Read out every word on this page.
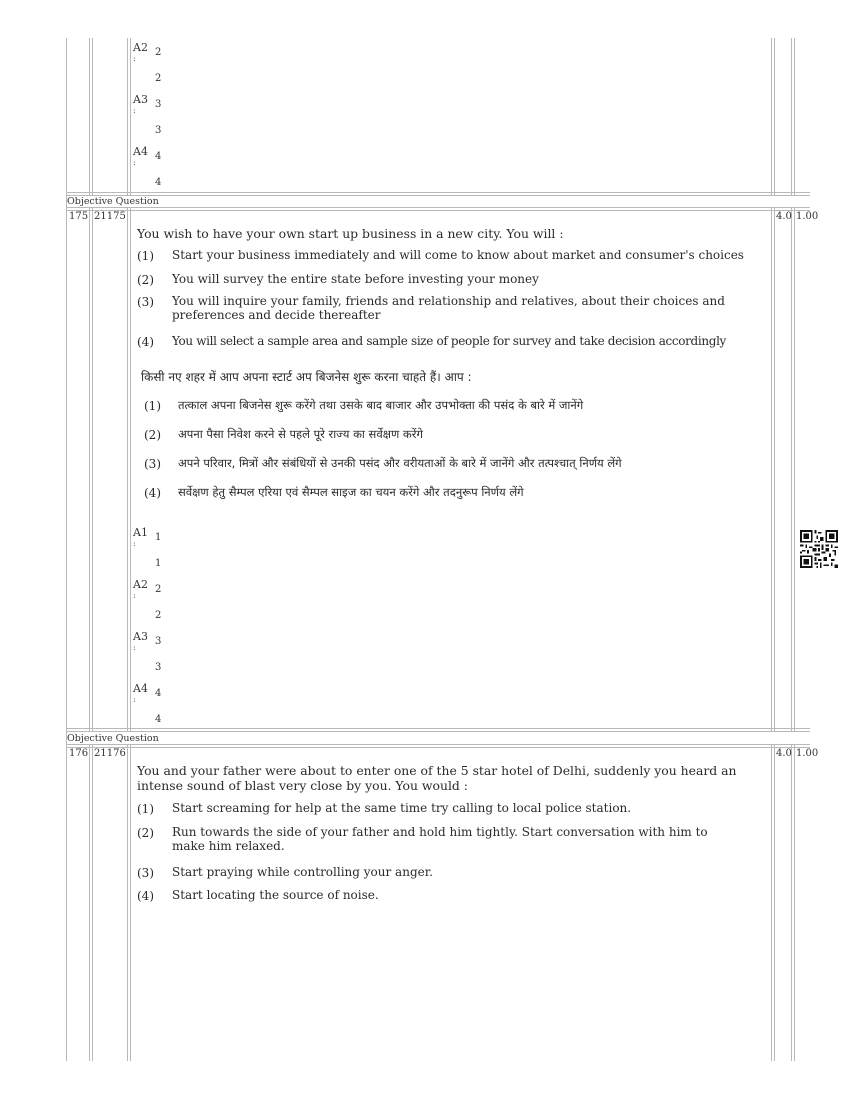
A2
:
2
2
A3
:
3
3
A4
:
4
4
Objective Question
175 21175	4.0 1.00
You wish to have your own start up business in a new city. You will :
(1) Start your business immediately and will come to know about market and consumer's choices
(2) You will survey the entire state before investing your money
(3) You will inquire your family, friends and relationship and relatives, about their choices and preferences and decide thereafter
(4) You will select a sample area and sample size of people for survey and take decision accordingly
किसी नए शहर में आप अपना स्टार्ट अप बिजनेस शुरू करना चाहते हैं। आप :
(1) तत्काल अपना बिजनेस शुरू करेंगे तथा उसके बाद बाजार और उपभोक्ता की पसंद के बारे में जानेंगे
(2) अपना पैसा निवेश करने से पहले पूरे राज्य का सर्वेक्षण करेंगे
(3) अपने परिवार, मित्रों और संबंधियों से उनकी पसंद और वरीयताओं के बारे में जानेंगे और तत्पश्चात् निर्णय लेंगे
(4) सर्वेक्षण हेतु सैम्पल एरिया एवं सैम्पल साइज का चयन करेंगे और तदनुरूप निर्णय लेंगे
A1
:
1
1
A2
:
2
2
A3
:
3
3
A4
:
4
4
Objective Question
176 21176	4.0 1.00
You and your father were about to enter one of the 5 star hotel of Delhi, suddenly you heard an intense sound of blast very close by you. You would :
(1) Start screaming for help at the same time try calling to local police station.
(2) Run towards the side of your father and hold him tightly. Start conversation with him to make him relaxed.
(3) Start praying while controlling your anger.
(4) Start locating the source of noise.
